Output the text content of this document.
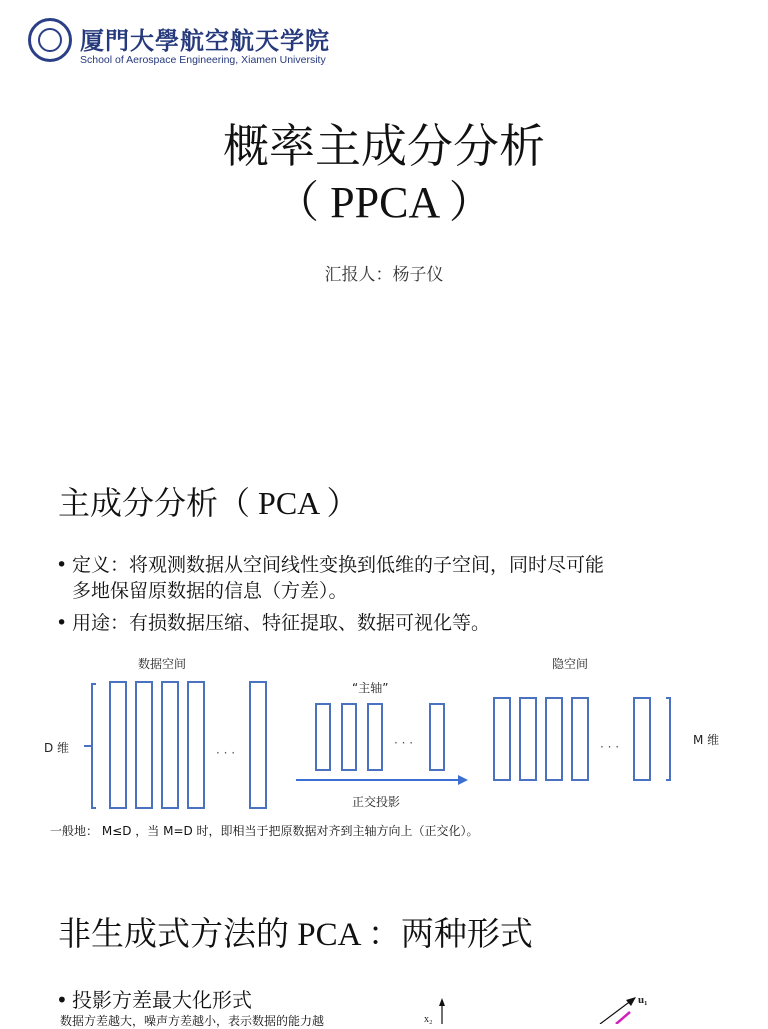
厦門大學航空航天学院
School of Aerospace Engineering, Xiamen University
概率主成分分析
（ PPCA ）
汇报人：杨子仪
主成分分析（ PCA ）
• 定义：将观测数据从空间线性变换到低维的子空间，同时尽可能
多地保留原数据的信息（方差）。
• 用途：有损数据压缩、特征提取、数据可视化等。
数据空间	隐空间
“主轴”
正交投影
D 维
M 维
· · ·
· · ·	· · ·
一般地： M≤D ，当 M=D 时，即相当于把原数据对齐到主轴方向上（正交化）。
非生成式方法的 PCA ：两种形式
• 投影方差最大化形式
数据方差越大，噪声方差越小，表示数据的能力越	x₂
u₁
